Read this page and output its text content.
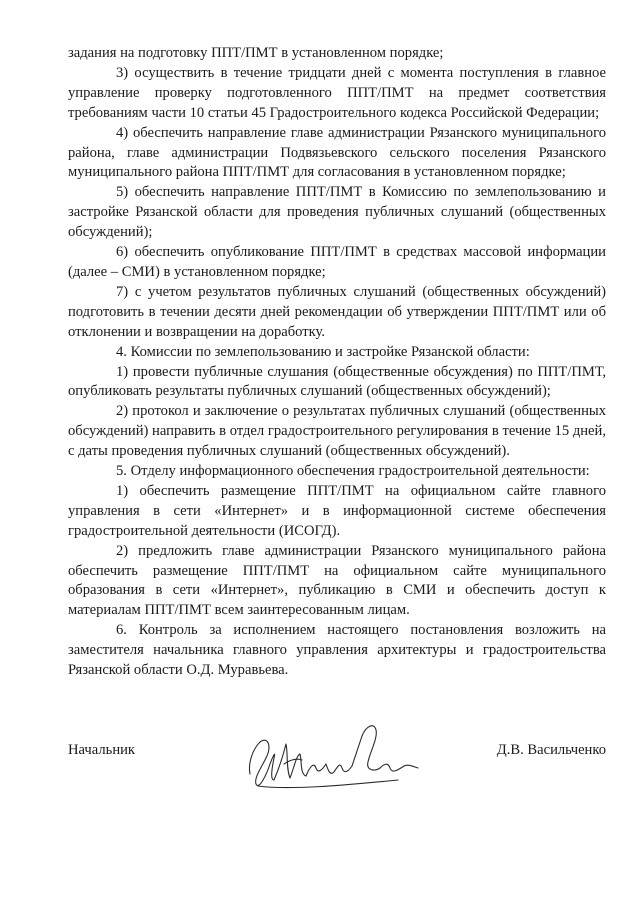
задания на подготовку ППТ/ПМТ в установленном порядке;

3) осуществить в течение тридцати дней с момента поступления в главное управление проверку подготовленного ППТ/ПМТ на предмет соответствия требованиям части 10 статьи 45 Градостроительного кодекса Российской Федерации;

4) обеспечить направление главе администрации Рязанского муниципального района, главе администрации Подвязьевского сельского поселения Рязанского муниципального района ППТ/ПМТ для согласования в установленном порядке;

5) обеспечить направление ППТ/ПМТ в Комиссию по землепользованию и застройке Рязанской области для проведения публичных слушаний (общественных обсуждений);

6) обеспечить опубликование ППТ/ПМТ в средствах массовой информации (далее – СМИ) в установленном порядке;

7) с учетом результатов публичных слушаний (общественных обсуждений) подготовить в течении десяти дней рекомендации об утверждении ППТ/ПМТ или об отклонении и возвращении на доработку.

4. Комиссии по землепользованию и застройке Рязанской области:

1) провести публичные слушания (общественные обсуждения) по ППТ/ПМТ, опубликовать результаты публичных слушаний (общественных обсуждений);

2) протокол и заключение о результатах публичных слушаний (общественных обсуждений) направить в отдел градостроительного регулирования в течение 15 дней, с даты проведения публичных слушаний (общественных обсуждений).

5. Отделу информационного обеспечения градостроительной деятельности:

1) обеспечить размещение ППТ/ПМТ на официальном сайте главного управления в сети «Интернет» и в информационной системе обеспечения градостроительной деятельности (ИСОГД).

2) предложить главе администрации Рязанского муниципального района обеспечить размещение ППТ/ПМТ на официальном сайте муниципального образования в сети «Интернет», публикацию в СМИ и обеспечить доступ к материалам ППТ/ПМТ всем заинтересованным лицам.

6. Контроль за исполнением настоящего постановления возложить на заместителя начальника главного управления архитектуры и градостроительства Рязанской области О.Д. Муравьева.

Начальник	Д.В. Васильченко
